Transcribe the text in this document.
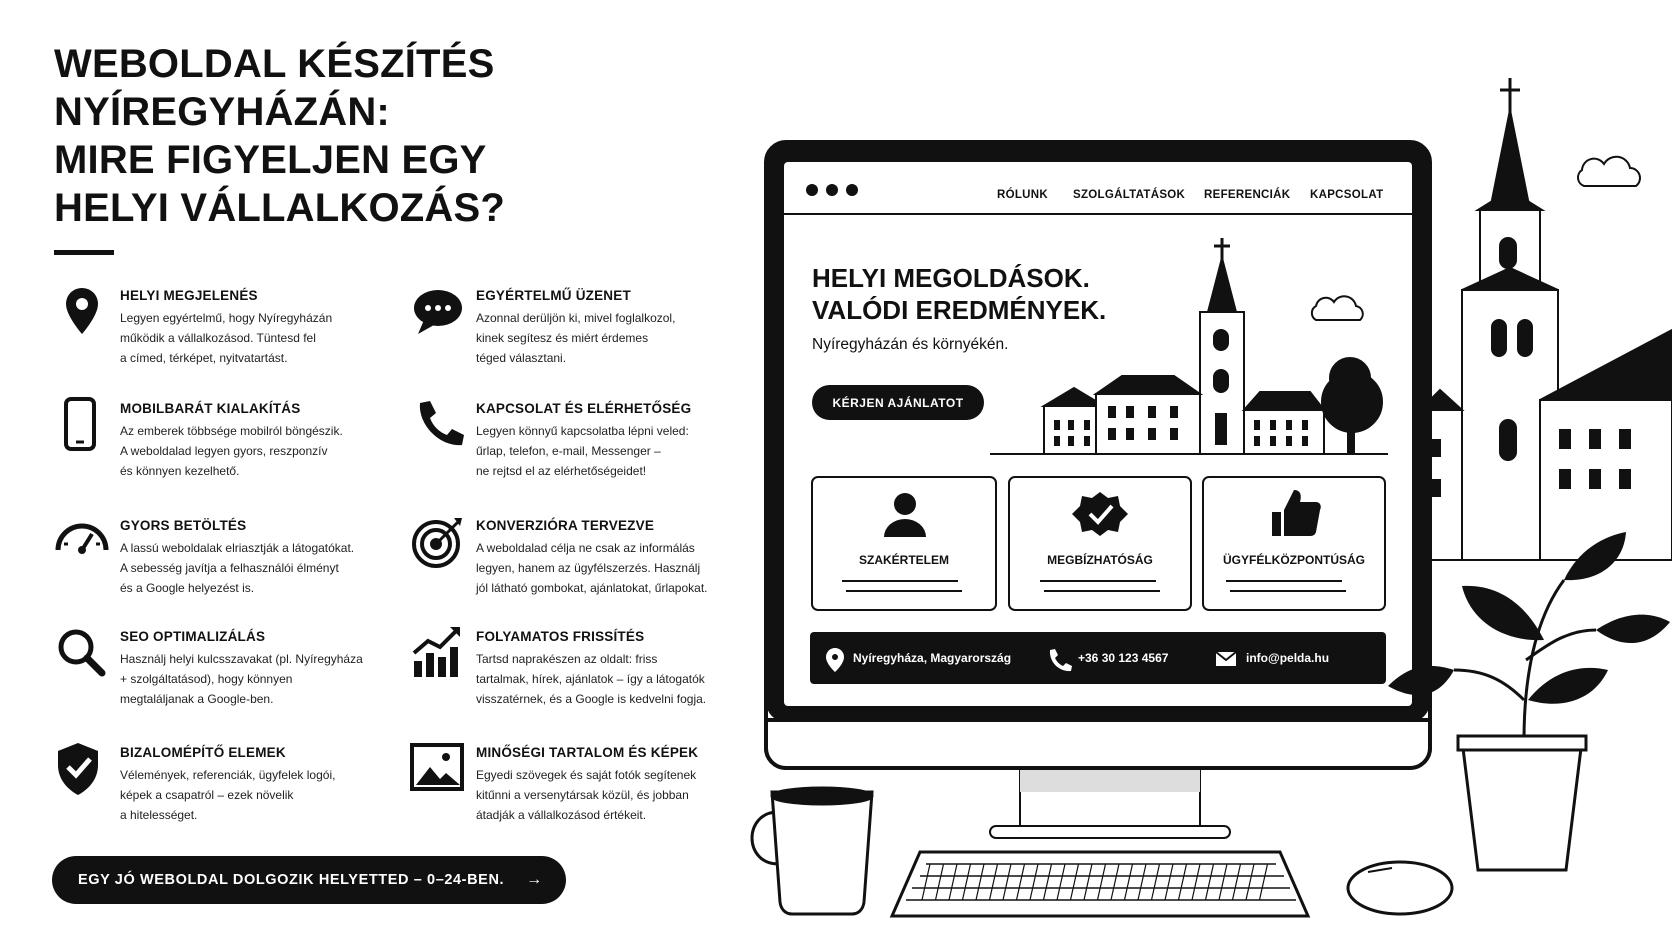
WEBOLDAL KÉSZÍTÉS
NYÍREGYHÁZÁN:
MIRE FIGYELJEN EGY
HELYI VÁLLALKOZÁS?
HELYI MEGJELENÉS
Legyen egyértelmű, hogy Nyíregyházán
működik a vállalkozásod. Tüntesd fel
a címed, térképet, nyitvatartást.
EGYÉRTELMŰ ÜZENET
Azonnal derüljön ki, mivel foglalkozol,
kinek segítesz és miért érdemes
téged választani.
MOBILBARÁT KIALAKÍTÁS
Az emberek többsége mobilról böngészik.
A weboldalad legyen gyors, reszponzív
és könnyen kezelhető.
KAPCSOLAT ÉS ELÉRHETŐSÉG
Legyen könnyű kapcsolatba lépni veled:
űrlap, telefon, e-mail, Messenger –
ne rejtsd el az elérhetőségeidet!
GYORS BETÖLTÉS
A lassú weboldalak elriasztják a látogatókat.
A sebesség javítja a felhasználói élményt
és a Google helyezést is.
KONVERZIÓRA TERVEZVE
A weboldalad célja ne csak az informálás
legyen, hanem az ügyfélszerzés. Használj
jól látható gombokat, ajánlatokat, űrlapokat.
SEO OPTIMALIZÁLÁS
Használj helyi kulcsszavakat (pl. Nyíregyháza
+ szolgáltatásod), hogy könnyen
megtaláljanak a Google-ben.
FOLYAMATOS FRISSÍTÉS
Tartsd naprakészen az oldalt: friss
tartalmak, hírek, ajánlatok – így a látogatók
visszatérnek, és a Google is kedvelni fogja.
BIZALOMÉPÍTŐ ELEMEK
Vélemények, referenciák, ügyfelek logói,
képek a csapatról – ezek növelik
a hitelességet.
MINŐSÉGI TARTALOM ÉS KÉPEK
Egyedi szövegek és saját fotók segítenek
kitűnni a versenytársak közül, és jobban
átadják a vállalkozásod értékeit.
EGY JÓ WEBOLDAL DOLGOZIK HELYETTED – 0–24-BEN. →
RÓLUNK SZOLGÁLTATÁSOK REFERENCIÁK KAPCSOLAT
HELYI MEGOLDÁSOK.
VALÓDI EREDMÉNYEK.
Nyíregyházán és környékén.
KÉRJEN AJÁNLATOT
SZAKÉRTELEM	MEGBÍZHATÓSÁG	ÜGYFÉLKÖZPONTÚSÁG
Nyíregyháza, Magyarország	+36 30 123 4567	info@pelda.hu
